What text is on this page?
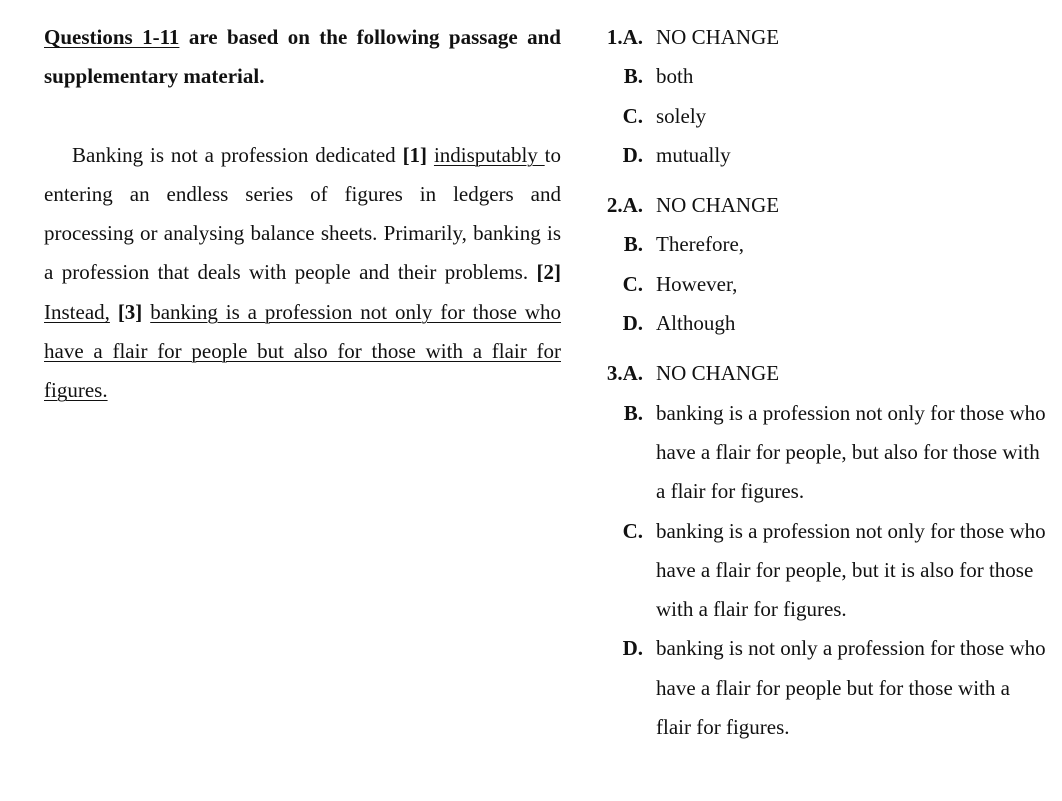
Questions 1-11 are based on the following passage and supplementary material.

Banking is not a profession dedicated [1] indisputably to entering an endless series of figures in ledgers and processing or analysing balance sheets. Primarily, banking is a profession that deals with people and their problems. [2] Instead, [3] banking is a profession not only for those who have a flair for people but also for those with a flair for figures.

1.A. NO CHANGE
B. both
C. solely
D. mutually
2.A. NO CHANGE
B. Therefore,
C. However,
D. Although
3.A. NO CHANGE
B. banking is a profession not only for those who have a flair for people, but also for those with a flair for figures.
C. banking is a profession not only for those who have a flair for people, but it is also for those with a flair for figures.
D. banking is not only a profession for those who have a flair for people but for those with a flair for figures.
